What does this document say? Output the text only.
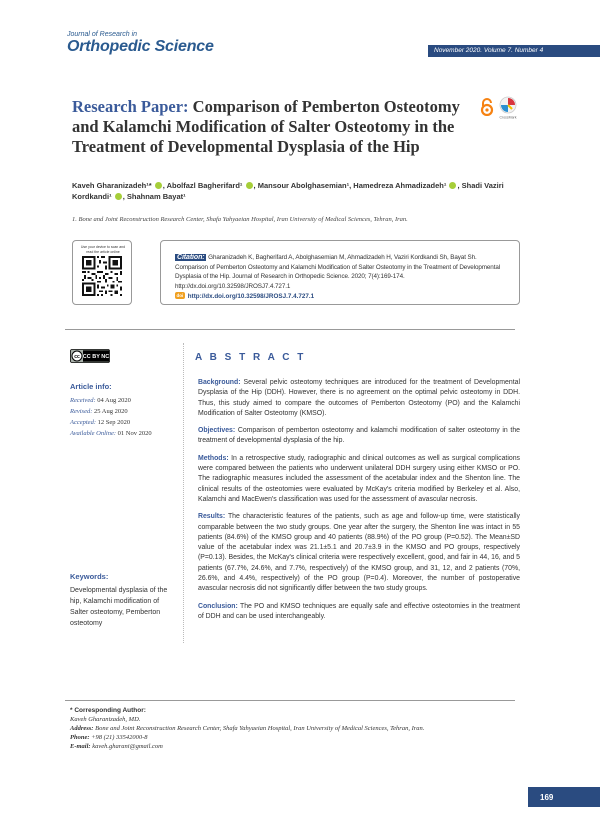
Journal of Research in
Orthopedic Science	November 2020. Volume 7. Number 4
Research Paper: Comparison of Pemberton Osteotomy and Kalamchi Modification of Salter Osteotomy in the Treatment of Developmental Dysplasia of the Hip
CrossMark
Kaveh Gharanizadeh¹* , Abolfazl Bagherifard¹ , Mansour Abolghasemian¹, Hamedreza Ahmadizadeh¹ , Shadi Vaziri Kordkandi¹ , Shahnam Bayat¹
1. Bone and Joint Reconstruction Research Center, Shafa Yahyaeian Hospital, Iran University of Medical Sciences, Tehran, Iran.
Use your device to scan and read the article online
Citation: Gharanizadeh K, Bagherifard A, Abolghasemian M, Ahmadizadeh H, Vaziri Kordkandi Sh, Bayat Sh. Comparison of Pemberton Osteotomy and Kalamchi Modification of Salter Osteotomy in the Treatment of Developmental Dysplasia of the Hip. Journal of Research in Orthopedic Science. 2020; 7(4):169-174. http://dx.doi.org/10.32598/JROSJ7.4.727.1
doi http://dx.doi.org/10.32598/JROSJ.7.4.727.1
cc CC BY NC
Article info:
Received: 04 Aug 2020
Revised: 25 Aug 2020
Accepted: 12 Sep 2020
Available Online: 01 Nov 2020
Keywords:
Developmental dysplasia of the hip, Kalamchi modification of Salter osteotomy, Pemberton osteotomy
A B S T R A C T

Background: Several pelvic osteotomy techniques are introduced for the treatment of Developmental Dysplasia of the Hip (DDH). However, there is no agreement on the optimal pelvic osteotomy in DDH. Thus, this study aimed to compare the outcomes of Pemberton Osteotomy (PO) and the Kalamchi Modification of Salter Osteotomy (KMSO).

Objectives: Comparison of pemberton osteotomy and kalamchi modification of salter osteotomy in the treatment of developmental dysplasia of the hip.

Methods: In a retrospective study, radiographic and clinical outcomes as well as surgical complications were compared between the patients who underwent unilateral DDH surgery using either KMSO or PO. The radiographic measures included the assessment of the acetabular index and the Shenton line. The clinical results of the osteotomies were evaluated by McKay's criteria modified by Berkeley et al. Also, Kalamchi and MacEwen's classification was used for the assessment of avascular necrosis.

Results: The characteristic features of the patients, such as age and follow-up time, were statistically comparable between the two study groups. One year after the surgery, the Shenton line was intact in 55 patients (84.6%) of the KMSO group and 40 patients (88.9%) of the PO group (P=0.52). The Mean±SD value of the acetabular index was 21.1±5.1 and 20.7±3.9 in the KMSO and PO groups, respectively (P=0.13). Besides, the McKay's clinical criteria were respectively excellent, good, and fair in 44, 16, and 5 patients (67.7%, 24.6%, and 7.7%, respectively) of the KMSO group, and 31, 12, and 2 patients (70%, 26.6%, and 4.4%, respectively) of the PO group (P=0.4). Moreover, the number of postoperative avascular necrosis did not significantly differ between the two study groups.

Conclusion: The PO and KMSO techniques are equally safe and effective osteotomies in the treatment of DDH and can be used interchangeably.

* Corresponding Author:
Kaveh Gharanizadeh, MD.
Address: Bone and Joint Reconstruction Research Center, Shafa Yahyaeian Hospital, Iran University of Medical Sciences, Tehran, Iran.
Phone: +98 (21) 33542000-8
E-mail: kaveh.gharani@gmail.com
169
